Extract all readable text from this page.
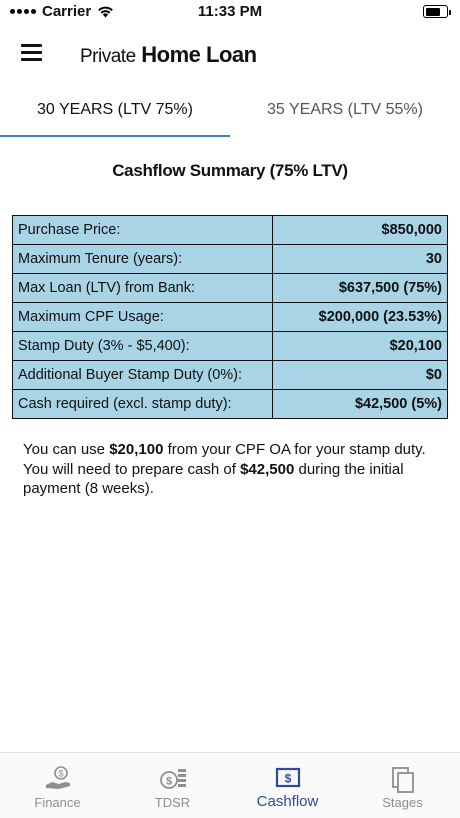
Carrier	11:33 PM
Private Home Loan
30 YEARS (LTV 75%)	35 YEARS (LTV 55%)
Cashflow Summary (75% LTV)
Purchase Price:	$850,000
Maximum Tenure (years):	30
Max Loan (LTV) from Bank:	$637,500 (75%)
Maximum CPF Usage:	$200,000 (23.53%)
Stamp Duty (3% - $5,400):	$20,100
Additional Buyer Stamp Duty (0%):	$0
Cash required (excl. stamp duty):	$42,500 (5%)

You can use $20,100 from your CPF OA for your stamp duty. You will need to prepare cash of $42,500 during the initial payment (8 weeks).

$
Finance
$
TDSR
$
Cashflow	Stages
